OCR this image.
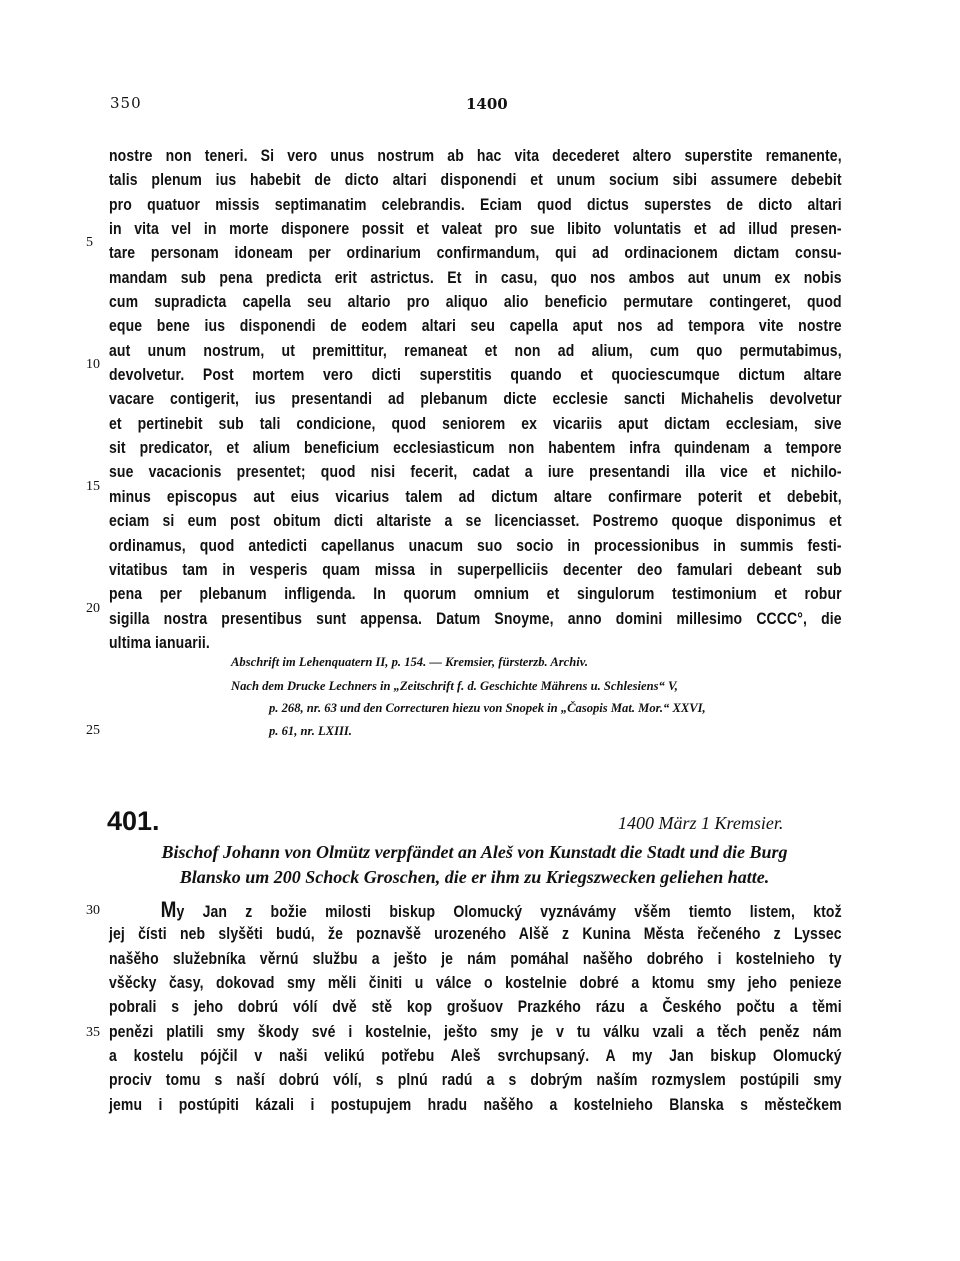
350	1400
nostre non teneri. Si vero unus nostrum ab hac vita decederet altero superstite remanente,
talis plenum ius habebit de dicto altari disponendi et unum socium sibi assumere debebit
pro quatuor missis septimanatim celebrandis. Eciam quod dictus superstes de dicto altari
in vita vel in morte disponere possit et valeat pro sue libito voluntatis et ad illud presen-
tare personam idoneam per ordinarium confirmandum, qui ad ordinacionem dictam consu-
mandam sub pena predicta erit astrictus. Et in casu, quo nos ambos aut unum ex nobis
cum supradicta capella seu altario pro aliquo alio beneficio permutare contingeret, quod
eque bene ius disponendi de eodem altari seu capella aput nos ad tempora vite nostre
aut unum nostrum, ut premittitur, remaneat et non ad alium, cum quo permutabimus,
devolvetur. Post mortem vero dicti superstitis quando et quociescumque dictum altare
vacare contigerit, ius presentandi ad plebanum dicte ecclesie sancti Michahelis devolvetur
et pertinebit sub tali condicione, quod seniorem ex vicariis aput dictam ecclesiam, sive
sit predicator, et alium beneficium ecclesiasticum non habentem infra quindenam a tempore
sue vacacionis presentet; quod nisi fecerit, cadat a iure presentandi illa vice et nichilo-
minus episcopus aut eius vicarius talem ad dictum altare confirmare poterit et debebit,
eciam si eum post obitum dicti altariste a se licenciasset. Postremo quoque disponimus et
ordinamus, quod antedicti capellanus unacum suo socio in processionibus in summis festi-
vitatibus tam in vesperis quam missa in superpelliciis decenter deo famulari debeant sub
pena per plebanum infligenda. In quorum omnium et singulorum testimonium et robur
sigilla nostra presentibus sunt appensa. Datum Snoyme, anno domini millesimo CCCC°, die
ultima ianuarii.
5
10
15
20
25
Abschrift im Lehenquatern II, p. 154. — Kremsier, fürsterzb. Archiv.
Nach dem Drucke Lechners in „Zeitschrift f. d. Geschichte Mährens u. Schlesiens“ V,
p. 268, nr. 63 und den Correcturen hiezu von Snopek in „Časopis Mat. Mor.“ XXVI,
p. 61, nr. LXIII.
401.	1400 März 1 Kremsier.
Bischof Johann von Olmütz verpfändet an Aleš von Kunstadt die Stadt und die Burg
Blansko um 200 Schock Groschen, die er ihm zu Kriegszwecken geliehen hatte.
My Jan z božie milosti biskup Olomucký vyznávámy všěm tiemto listem, ktož
jej čísti neb slyšěti budú, že poznavšě urozeného Alšě z Kunina Města řečeného z Lyssec
našěho služebníka věrnú službu a ješto je nám pomáhal našěho dobrého i kostelnieho ty
všěcky časy, dokovad smy měli činiti u válce o kostelnie dobré a ktomu smy jeho penieze
pobrali s jeho dobrú vólí dvě stě kop grošuov Prazkého rázu a Českého počtu a těmi
penězi platili smy škody své i kostelnie, ješto smy je v tu válku vzali a těch peněz nám
a kostelu pójčil v naši velikú potřebu Aleš svrchupsaný. A my Jan biskup Olomucký
prociv tomu s naší dobrú vólí, s plnú radú a s dobrým naším rozmyslem postúpili smy
jemu i postúpiti kázali i postupujem hradu našěho a kostelnieho Blanska s městečkem
30
35
